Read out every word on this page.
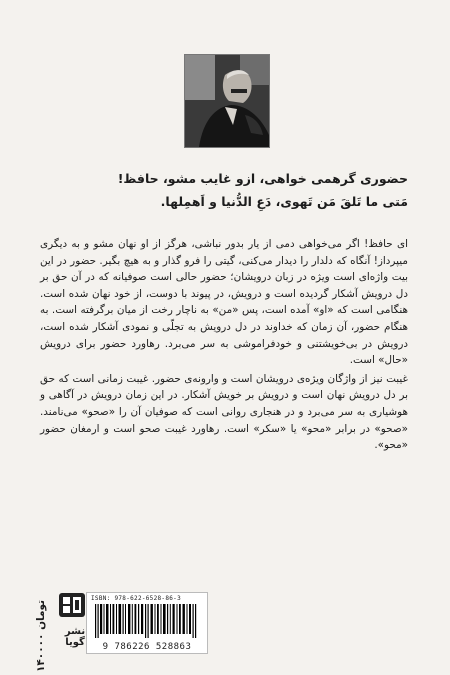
حضوری گرهمی خواهی، ازو غایب مشو، حافظ!
مَتی ما تَلقَ مَن تَهوی، دَعِ الدُّنیا و اَهمِلها.

ای حافظ! اگر می‌خواهی دمی از یار بدور نباشی، هرگز از او نهان مشو و به دیگری میپرداز! آنگاه که دلدار را دیدار می‌کنی، گیتی را فرو گذار و به هیچ بگیر. حضور در این بیت واژه‌ای است ویژه در زبان درویشان؛ حضور حالی است صوفیانه که در آن حق بر دل درویش آشکار گردیده است و درویش، در پیوند با دوست، از خود نهان شده است. هنگامی است که «او» آمده است، پس «من» به ناچار رخت از میان برگرفته است. به هنگام حضور، آن زمان که خداوند در دل درویش به تجلّی و نمودی آشکار شده است، درویش در بی‌خویشتنی و خودفراموشی به سر می‌برد. رهاورد حضور برای درویش «حال» است.

غیبت نیز از واژگان ویژه‌ی درویشان است و وارونه‌ی حضور. غیبت زمانی است که حق بر دل درویش نهان است و درویش بر خویش آشکار. در این زمان درویش در آگاهی و هوشیاری به سر می‌برد و در هنجاری روانی است که صوفیان آن را «صحو» می‌نامند. «صحو» در برابر «محو» یا «سکر» است. رهاورد غیبت صحو است و ارمغان حضور «محو».

۱۴۰۰۰۰ تومان
نشر گویا
ISBN: 978-622-6528-86-3
9 786226 528863
